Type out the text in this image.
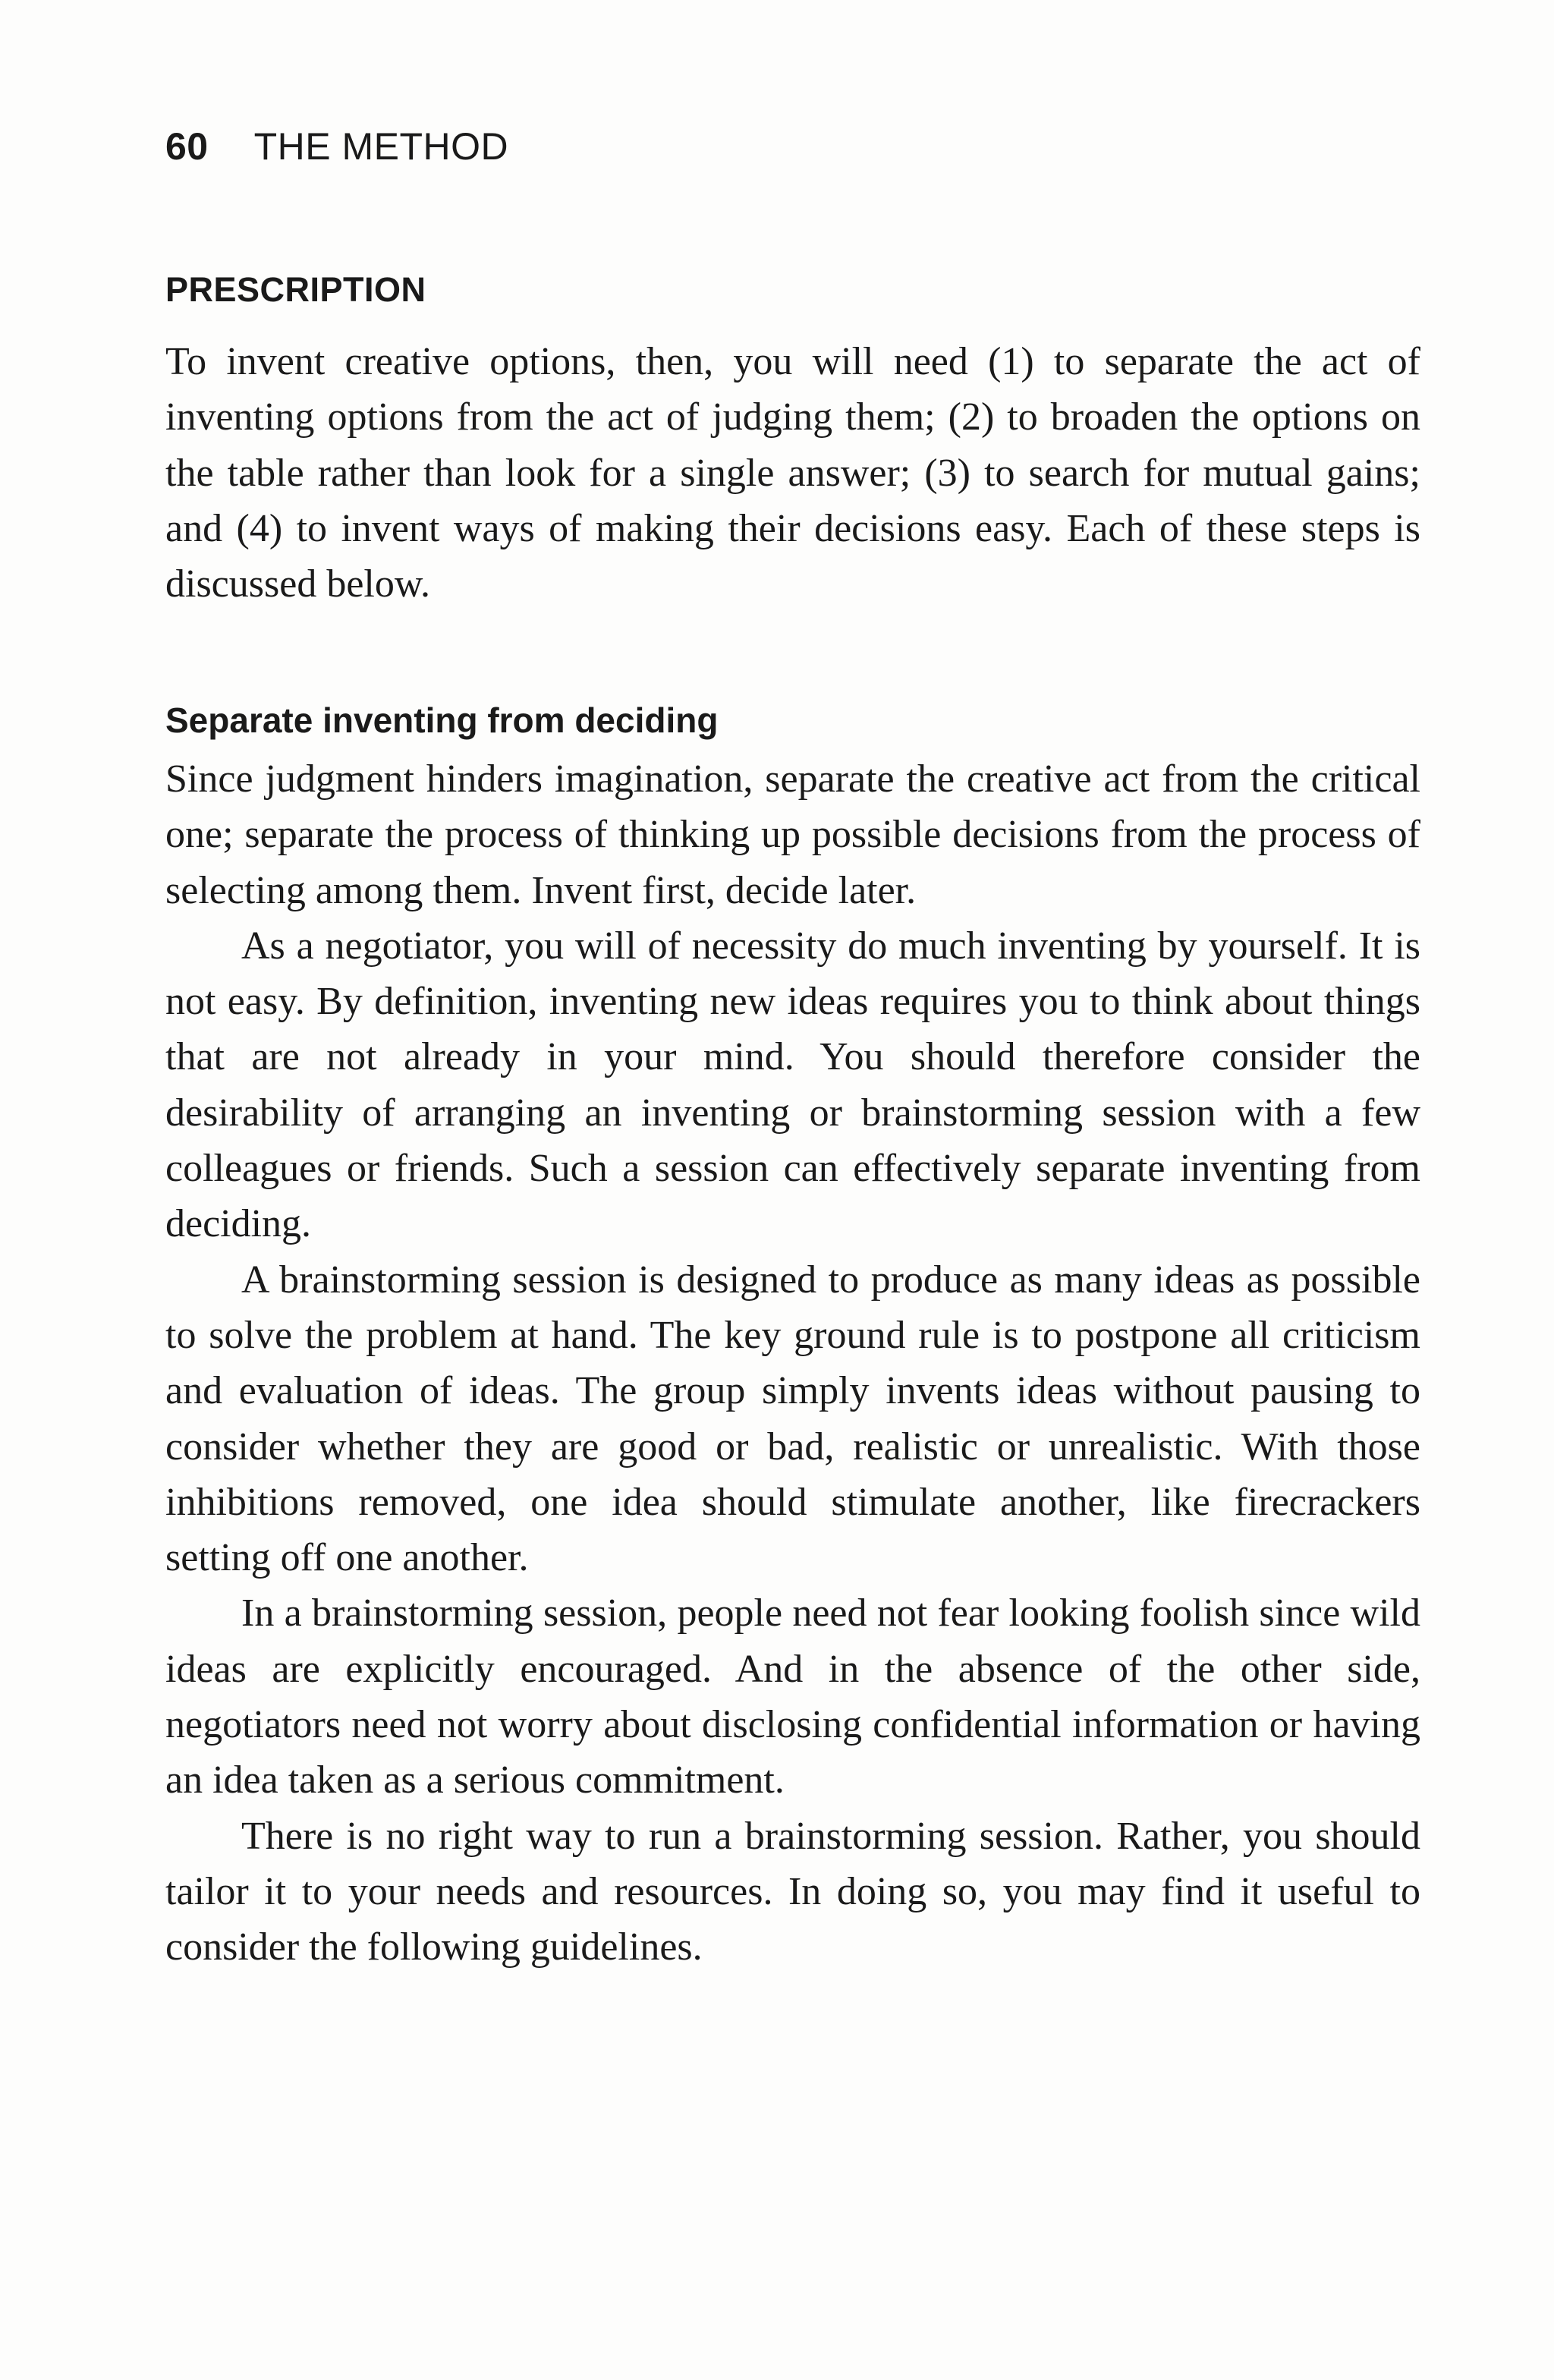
60 THE METHOD
PRESCRIPTION

To invent creative options, then, you will need (1) to separate the act of inventing options from the act of judging them; (2) to broaden the options on the table rather than look for a single answer; (3) to search for mutual gains; and (4) to invent ways of making their decisions easy. Each of these steps is discussed below.

Separate inventing from deciding

Since judgment hinders imagination, separate the creative act from the critical one; separate the process of thinking up possible decisions from the process of selecting among them. Invent first, decide later.

As a negotiator, you will of necessity do much inventing by yourself. It is not easy. By definition, inventing new ideas requires you to think about things that are not already in your mind. You should therefore consider the desirability of arranging an inventing or brainstorming session with a few colleagues or friends. Such a session can effectively separate inventing from deciding.

A brainstorming session is designed to produce as many ideas as possible to solve the problem at hand. The key ground rule is to postpone all criticism and evaluation of ideas. The group simply invents ideas without pausing to consider whether they are good or bad, realistic or unrealistic. With those inhibitions removed, one idea should stimulate another, like firecrackers setting off one another.

In a brainstorming session, people need not fear looking foolish since wild ideas are explicitly encouraged. And in the absence of the other side, negotiators need not worry about disclosing confidential information or having an idea taken as a serious commitment.

There is no right way to run a brainstorming session. Rather, you should tailor it to your needs and resources. In doing so, you may find it useful to consider the following guidelines.
